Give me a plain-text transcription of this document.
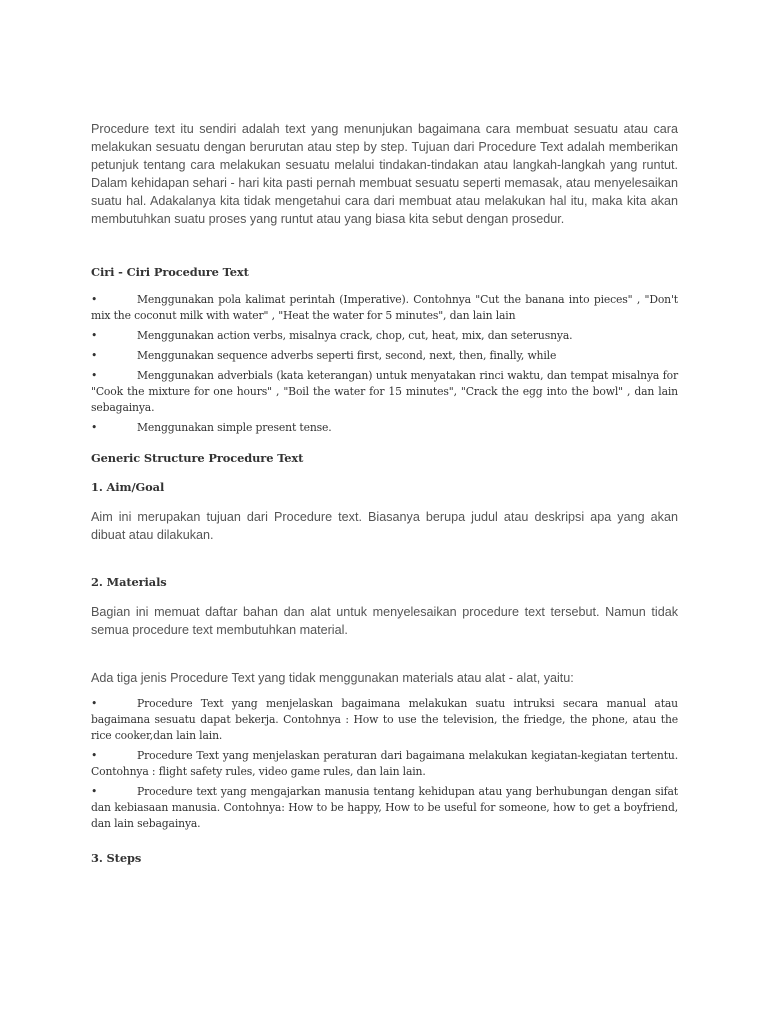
Procedure text itu sendiri adalah text yang menunjukan bagaimana cara membuat sesuatu atau cara melakukan sesuatu dengan berurutan atau step by step. Tujuan dari Procedure Text adalah memberikan petunjuk tentang cara melakukan sesuatu melalui tindakan-tindakan atau langkah-langkah yang runtut. Dalam kehidapan sehari - hari kita pasti pernah membuat sesuatu seperti memasak, atau menyelesaikan suatu hal. Adakalanya kita tidak mengetahui cara dari membuat atau melakukan hal itu, maka kita akan membutuhkan suatu proses yang runtut atau yang biasa kita sebut dengan prosedur.

Ciri - Ciri Procedure Text
•	Menggunakan pola kalimat perintah (Imperative). Contohnya "Cut the banana into pieces" , "Don't mix the coconut milk with water" , "Heat the water for 5 minutes", dan lain lain
•	Menggunakan action verbs, misalnya crack, chop, cut, heat, mix, dan seterusnya.
•	Menggunakan sequence adverbs seperti first, second, next, then, finally, while
•	Menggunakan adverbials (kata keterangan) untuk menyatakan rinci waktu, dan tempat misalnya for "Cook the mixture for one hours" , "Boil the water for 15 minutes", "Crack the egg into the bowl" , dan lain sebagainya.
•	Menggunakan simple present tense.
Generic Structure Procedure Text
1. Aim/Goal

Aim ini merupakan tujuan dari Procedure text. Biasanya berupa judul atau deskripsi apa yang akan dibuat atau dilakukan.

2. Materials

Bagian ini memuat daftar bahan dan alat untuk menyelesaikan procedure text tersebut. Namun tidak semua procedure text membutuhkan material.

Ada tiga jenis Procedure Text yang tidak menggunakan materials atau alat - alat, yaitu:

•	Procedure Text yang menjelaskan bagaimana melakukan suatu intruksi secara manual atau bagaimana sesuatu dapat bekerja. Contohnya : How to use the television, the friedge, the phone, atau the rice cooker,dan lain lain.
•	Procedure Text yang menjelaskan peraturan dari bagaimana melakukan kegiatan-kegiatan tertentu. Contohnya : flight safety rules, video game rules, dan lain lain.
•	Procedure text yang mengajarkan manusia tentang kehidupan atau yang berhubungan dengan sifat dan kebiasaan manusia. Contohnya: How to be happy, How to be useful for someone, how to get a boyfriend, dan lain sebagainya.
3. Steps
